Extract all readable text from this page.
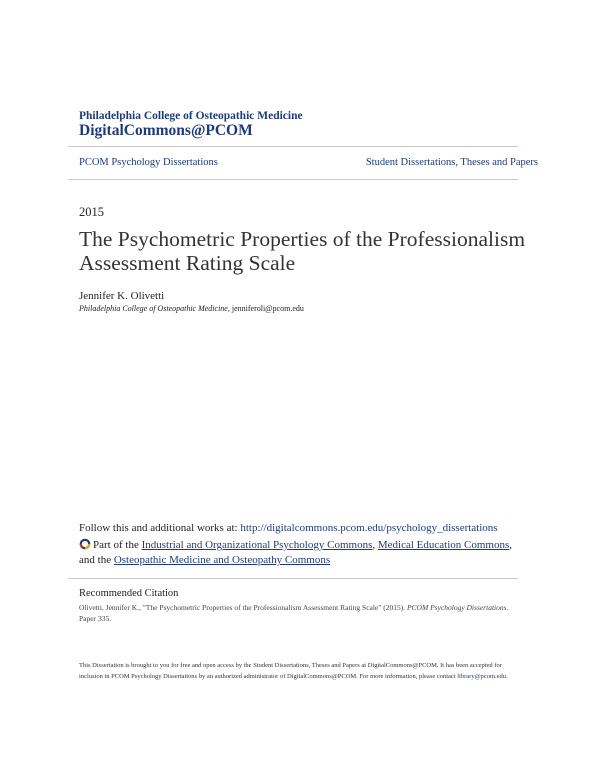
Philadelphia College of Osteopathic Medicine
DigitalCommons@PCOM
PCOM Psychology Dissertations	Student Dissertations, Theses and Papers
2015
The Psychometric Properties of the Professionalism Assessment Rating Scale
Jennifer K. Olivetti
Philadelphia College of Osteopathic Medicine, jenniferoli@pcom.edu
Follow this and additional works at: http://digitalcommons.pcom.edu/psychology_dissertations
Part of the Industrial and Organizational Psychology Commons, Medical Education Commons,
and the Osteopathic Medicine and Osteopathy Commons
Recommended Citation
Olivetti, Jennifer K., "The Psychometric Properties of the Professionalism Assessment Rating Scale" (2015). PCOM Psychology Dissertations. Paper 335.
This Dissertation is brought to you for free and open access by the Student Dissertations, Theses and Papers at DigitalCommons@PCOM. It has been accepted for inclusion in PCOM Psychology Dissertations by an authorized administrator of DigitalCommons@PCOM. For more information, please contact library@pcom.edu.
